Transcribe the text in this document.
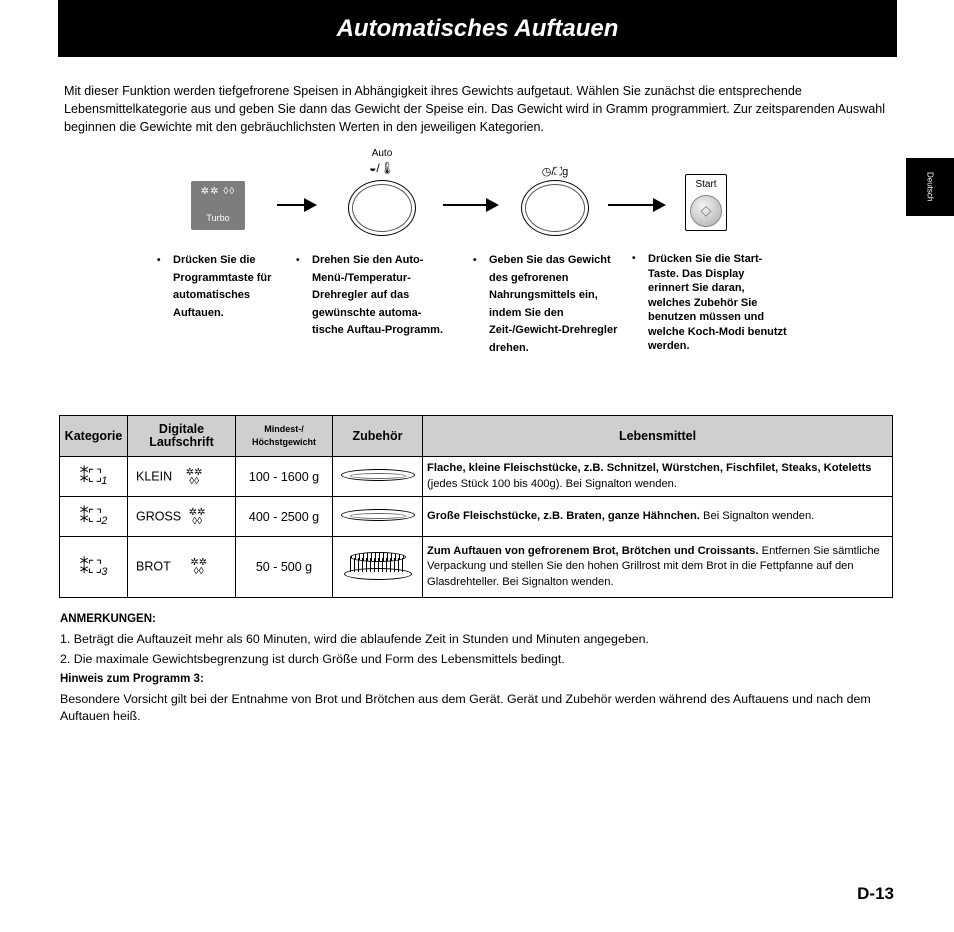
Automatisches Auftauen
Deutsch

Mit dieser Funktion werden tiefgefrorene Speisen in Abhängigkeit ihres Gewichts aufgetaut. Wählen Sie zunächst die entsprechende Lebensmittelkategorie aus und geben Sie dann das Gewicht der Speise ein. Das Gewicht wird in Gramm programmiert. Zur zeitsparenden Auswahl beginnen die Gewichte mit den gebräuchlichsten Werten in den jeweiligen Kategorien.

✲✲ ◊◊
Turbo
Auto
◒/🌡	◷/⛶g
Start
◇
• Drücken Sie die Programmtaste für automatisches Auftauen.
• Drehen Sie den Auto-Menü-/Temperatur-Drehregler auf das gewünschte automa-tische Auftau-Programm.
• Geben Sie das Gewicht des gefrorenen Nahrungsmittels ein, indem Sie den Zeit-/Gewicht-Drehregler drehen.
• Drücken Sie die Start-Taste. Das Display erinnert Sie daran, welches Zubehör Sie benutzen müssen und welche Koch-Modi benutzt werden.
Kategorie	Digitale Laufschrift	Mindest-/ Höchstgewicht	Zubehör	Lebensmittel
$⁑⛶_1$	KLEIN ✲✲ ◊◊	100 - 1600 g		Flache, kleine Fleischstücke, z.B. Schnitzel, Würstchen, Fischfilet, Steaks, Koteletts (jedes Stück 100 bis 400g). Bei Signalton wenden.
$⁑⛶_2$	GROSS ✲✲ ◊◊	400 - 2500 g		Große Fleischstücke, z.B. Braten, ganze Hähnchen. Bei Signalton wenden.
$⁑⛶_3$	BROT ✲✲ ◊◊	50 - 500 g		Zum Auftauen von gefrorenem Brot, Brötchen und Croissants. Entfernen Sie sämtliche Verpackung und stellen Sie den hohen Grillrost mit dem Brot in die Fettpfanne auf den Glasdrehteller. Bei Signalton wenden.

ANMERKUNGEN:

1. Beträgt die Auftauzeit mehr als 60 Minuten, wird die ablaufende Zeit in Stunden und Minuten angegeben.

2. Die maximale Gewichtsbegrenzung ist durch Größe und Form des Lebensmittels bedingt.

Hinweis zum Programm 3:

Besondere Vorsicht gilt bei der Entnahme von Brot und Brötchen aus dem Gerät. Gerät und Zubehör werden während des Auftauens und nach dem Auftauen heiß.

D-13
